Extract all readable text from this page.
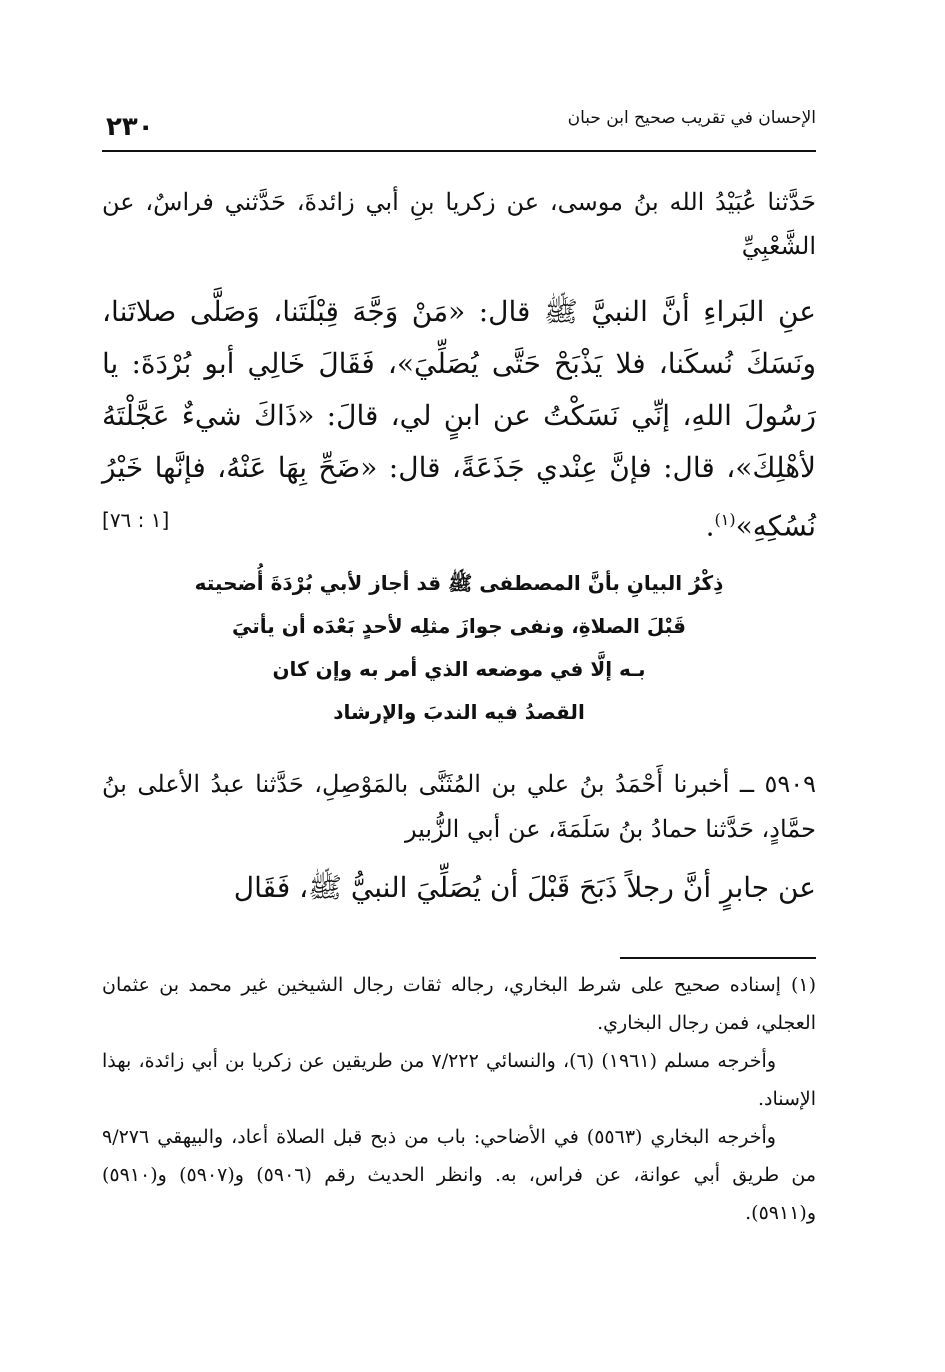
الإحسان في تقريب صحيح ابن حبان
٢٣٠
حَدَّثنا عُبَيْدُ الله بنُ موسى، عن زكريا بنِ أبي زائدةَ، حَدَّثني فراسٌ، عن الشَّعْبِيِّ
عنِ البَراءِ أنَّ النبيَّ ﷺ قال: «مَنْ وَجَّهَ قِبْلَتَنا، وَصَلَّى صلاتَنا، ونَسَكَ نُسكَنا، فلا يَذْبَحْ حَتَّى يُصَلِّيَ»، فَقَالَ خَالِي أبو بُرْدَةَ: يا رَسُولَ اللهِ، إنِّي نَسَكْتُ عن ابنٍ لي، قالَ: «ذَاكَ شيءٌ عَجَّلْتَهُ لأهْلِكَ»، قال: فإنَّ عِنْدي جَذَعَةً، قال: «ضَحِّ بِهَا عَنْهُ، فإنَّها خَيْرُ نُسُكِهِ»$^{(١)}$.
[١ : ٧٦]
ذِكْرُ البيانِ بأنَّ المصطفى ﷺ قد أجاز لأبي بُرْدَةَ أُضحيته
قَبْلَ الصلاةِ، ونفى جوازَ مثلِه لأحدٍ بَعْدَه أن يأتيَ
بـه إلَّا في موضعه الذي أمر به وإن كان
القصدُ فيه الندبَ والإرشاد
٥٩٠٩ ــ أخبرنا أَحْمَدُ بنُ علي بن المُثَنَّى بالمَوْصِلِ، حَدَّثنا عبدُ الأعلى بنُ حمَّادٍ، حَدَّثنا حمادُ بنُ سَلَمَةَ، عن أبي الزُّبير
عن جابرٍ أنَّ رجلاً ذَبَحَ قَبْلَ أن يُصَلِّيَ النبيُّ ﷺ، فَقَال

(١)إسناده صحيح على شرط البخاري، رجاله ثقات رجال الشيخين غير محمد بن عثمان العجلي، فمن رجال البخاري.

وأخرجه مسلم (١٩٦١) (٦)، والنسائي ٧/٢٢٢ من طريقين عن زكريا بن أبي زائدة، بهذا الإسناد.

وأخرجه البخاري (٥٥٦٣) في الأضاحي: باب من ذبح قبل الصلاة أعاد، والبيهقي ٩/٢٧٦ من طريق أبي عوانة، عن فراس، به. وانظر الحديث رقم (٥٩٠٦) و(٥٩٠٧) و(٥٩١٠) و(٥٩١١).
